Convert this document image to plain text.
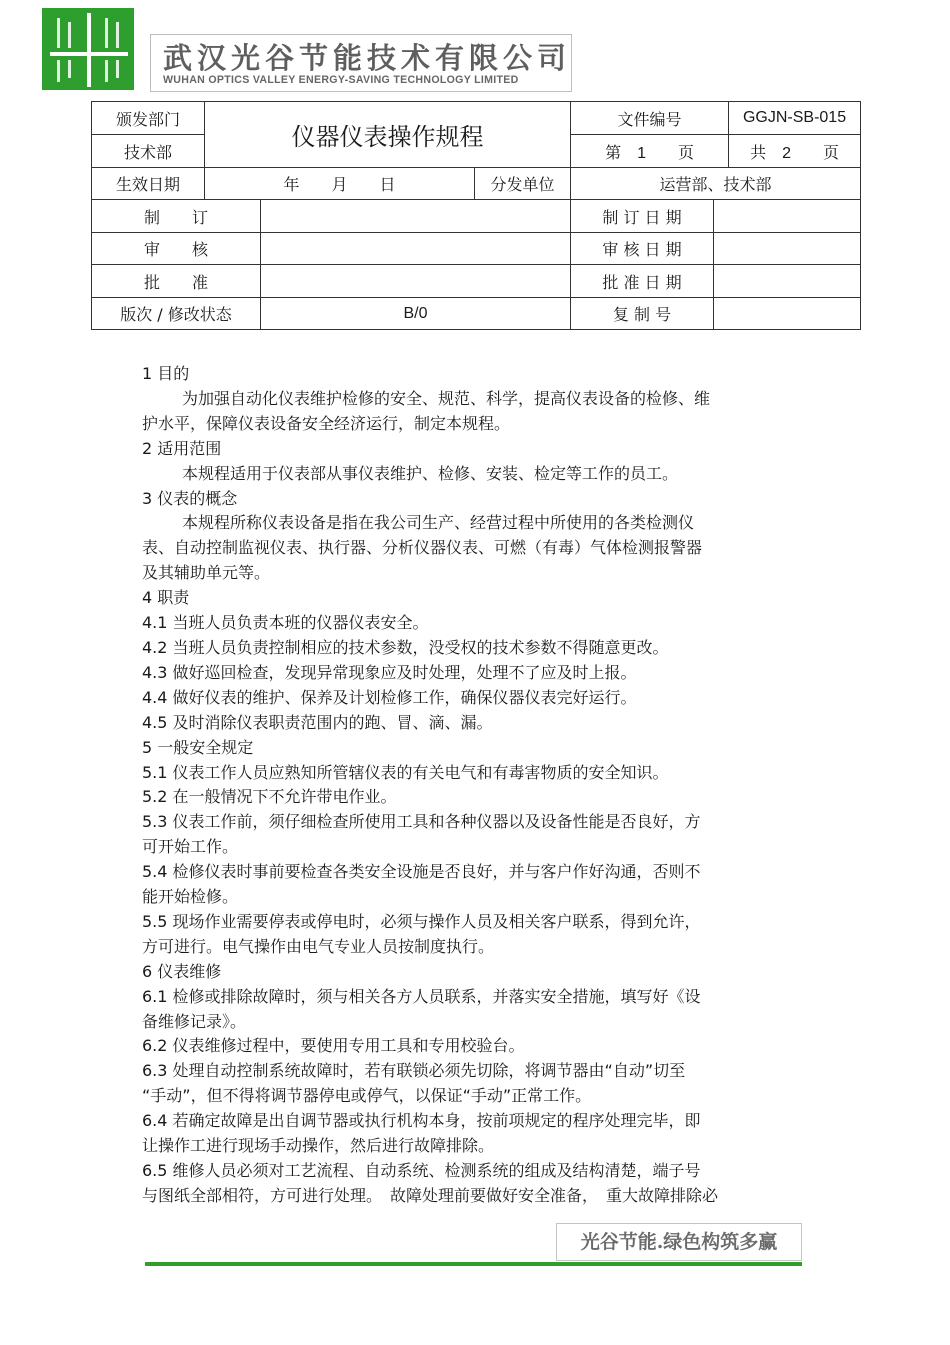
武汉光谷节能技术有限公司
WUHAN OPTICS VALLEY ENERGY-SAVING TECHNOLOGY LIMITED
颁发部门	仪器仪表操作规程			文件编号		GGJN-SB-015
技术部				第　1　　页		共　2　　页
生效日期	年　　月　　日		分发单位	运营部、技术部		
制　　订				制 订 日 期		
审　　核				审 核 日 期		
批　　准				批 准 日 期		
版次 / 修改状态		B/0		复 制 号		

1 目的

为加强自动化仪表维护检修的安全、规范、科学，提高仪表设备的检修、维

护水平，保障仪表设备安全经济运行，制定本规程。

2 适用范围

本规程适用于仪表部从事仪表维护、检修、安装、检定等工作的员工。

3 仪表的概念

本规程所称仪表设备是指在我公司生产、经营过程中所使用的各类检测仪

表、自动控制监视仪表、执行器、分析仪器仪表、可燃（有毒）气体检测报警器

及其辅助单元等。

4 职责

4.1 当班人员负责本班的仪器仪表安全。

4.2 当班人员负责控制相应的技术参数，没受权的技术参数不得随意更改。

4.3 做好巡回检查，发现异常现象应及时处理，处理不了应及时上报。

4.4 做好仪表的维护、保养及计划检修工作，确保仪器仪表完好运行。

4.5 及时消除仪表职责范围内的跑、冒、滴、漏。

5 一般安全规定

5.1 仪表工作人员应熟知所管辖仪表的有关电气和有毒害物质的安全知识。

5.2 在一般情况下不允许带电作业。

5.3 仪表工作前，须仔细检查所使用工具和各种仪器以及设备性能是否良好，方

可开始工作。

5.4 检修仪表时事前要检查各类安全设施是否良好，并与客户作好沟通，否则不

能开始检修。

5.5 现场作业需要停表或停电时，必须与操作人员及相关客户联系，得到允许，

方可进行。电气操作由电气专业人员按制度执行。

6 仪表维修

6.1 检修或排除故障时，须与相关各方人员联系，并落实安全措施，填写好《设

备维修记录》。

6.2 仪表维修过程中，要使用专用工具和专用校验台。

6.3 处理自动控制系统故障时，若有联锁必须先切除，将调节器由“自动”切至

“手动”，但不得将调节器停电或停气，以保证“手动”正常工作。

6.4 若确定故障是出自调节器或执行机构本身，按前项规定的程序处理完毕，即

让操作工进行现场手动操作，然后进行故障排除。

6.5 维修人员必须对工艺流程、自动系统、检测系统的组成及结构清楚，端子号

与图纸全部相符，方可进行处理。　故障处理前要做好安全准备，　重大故障排除必

光谷节能.绿色构筑多赢
